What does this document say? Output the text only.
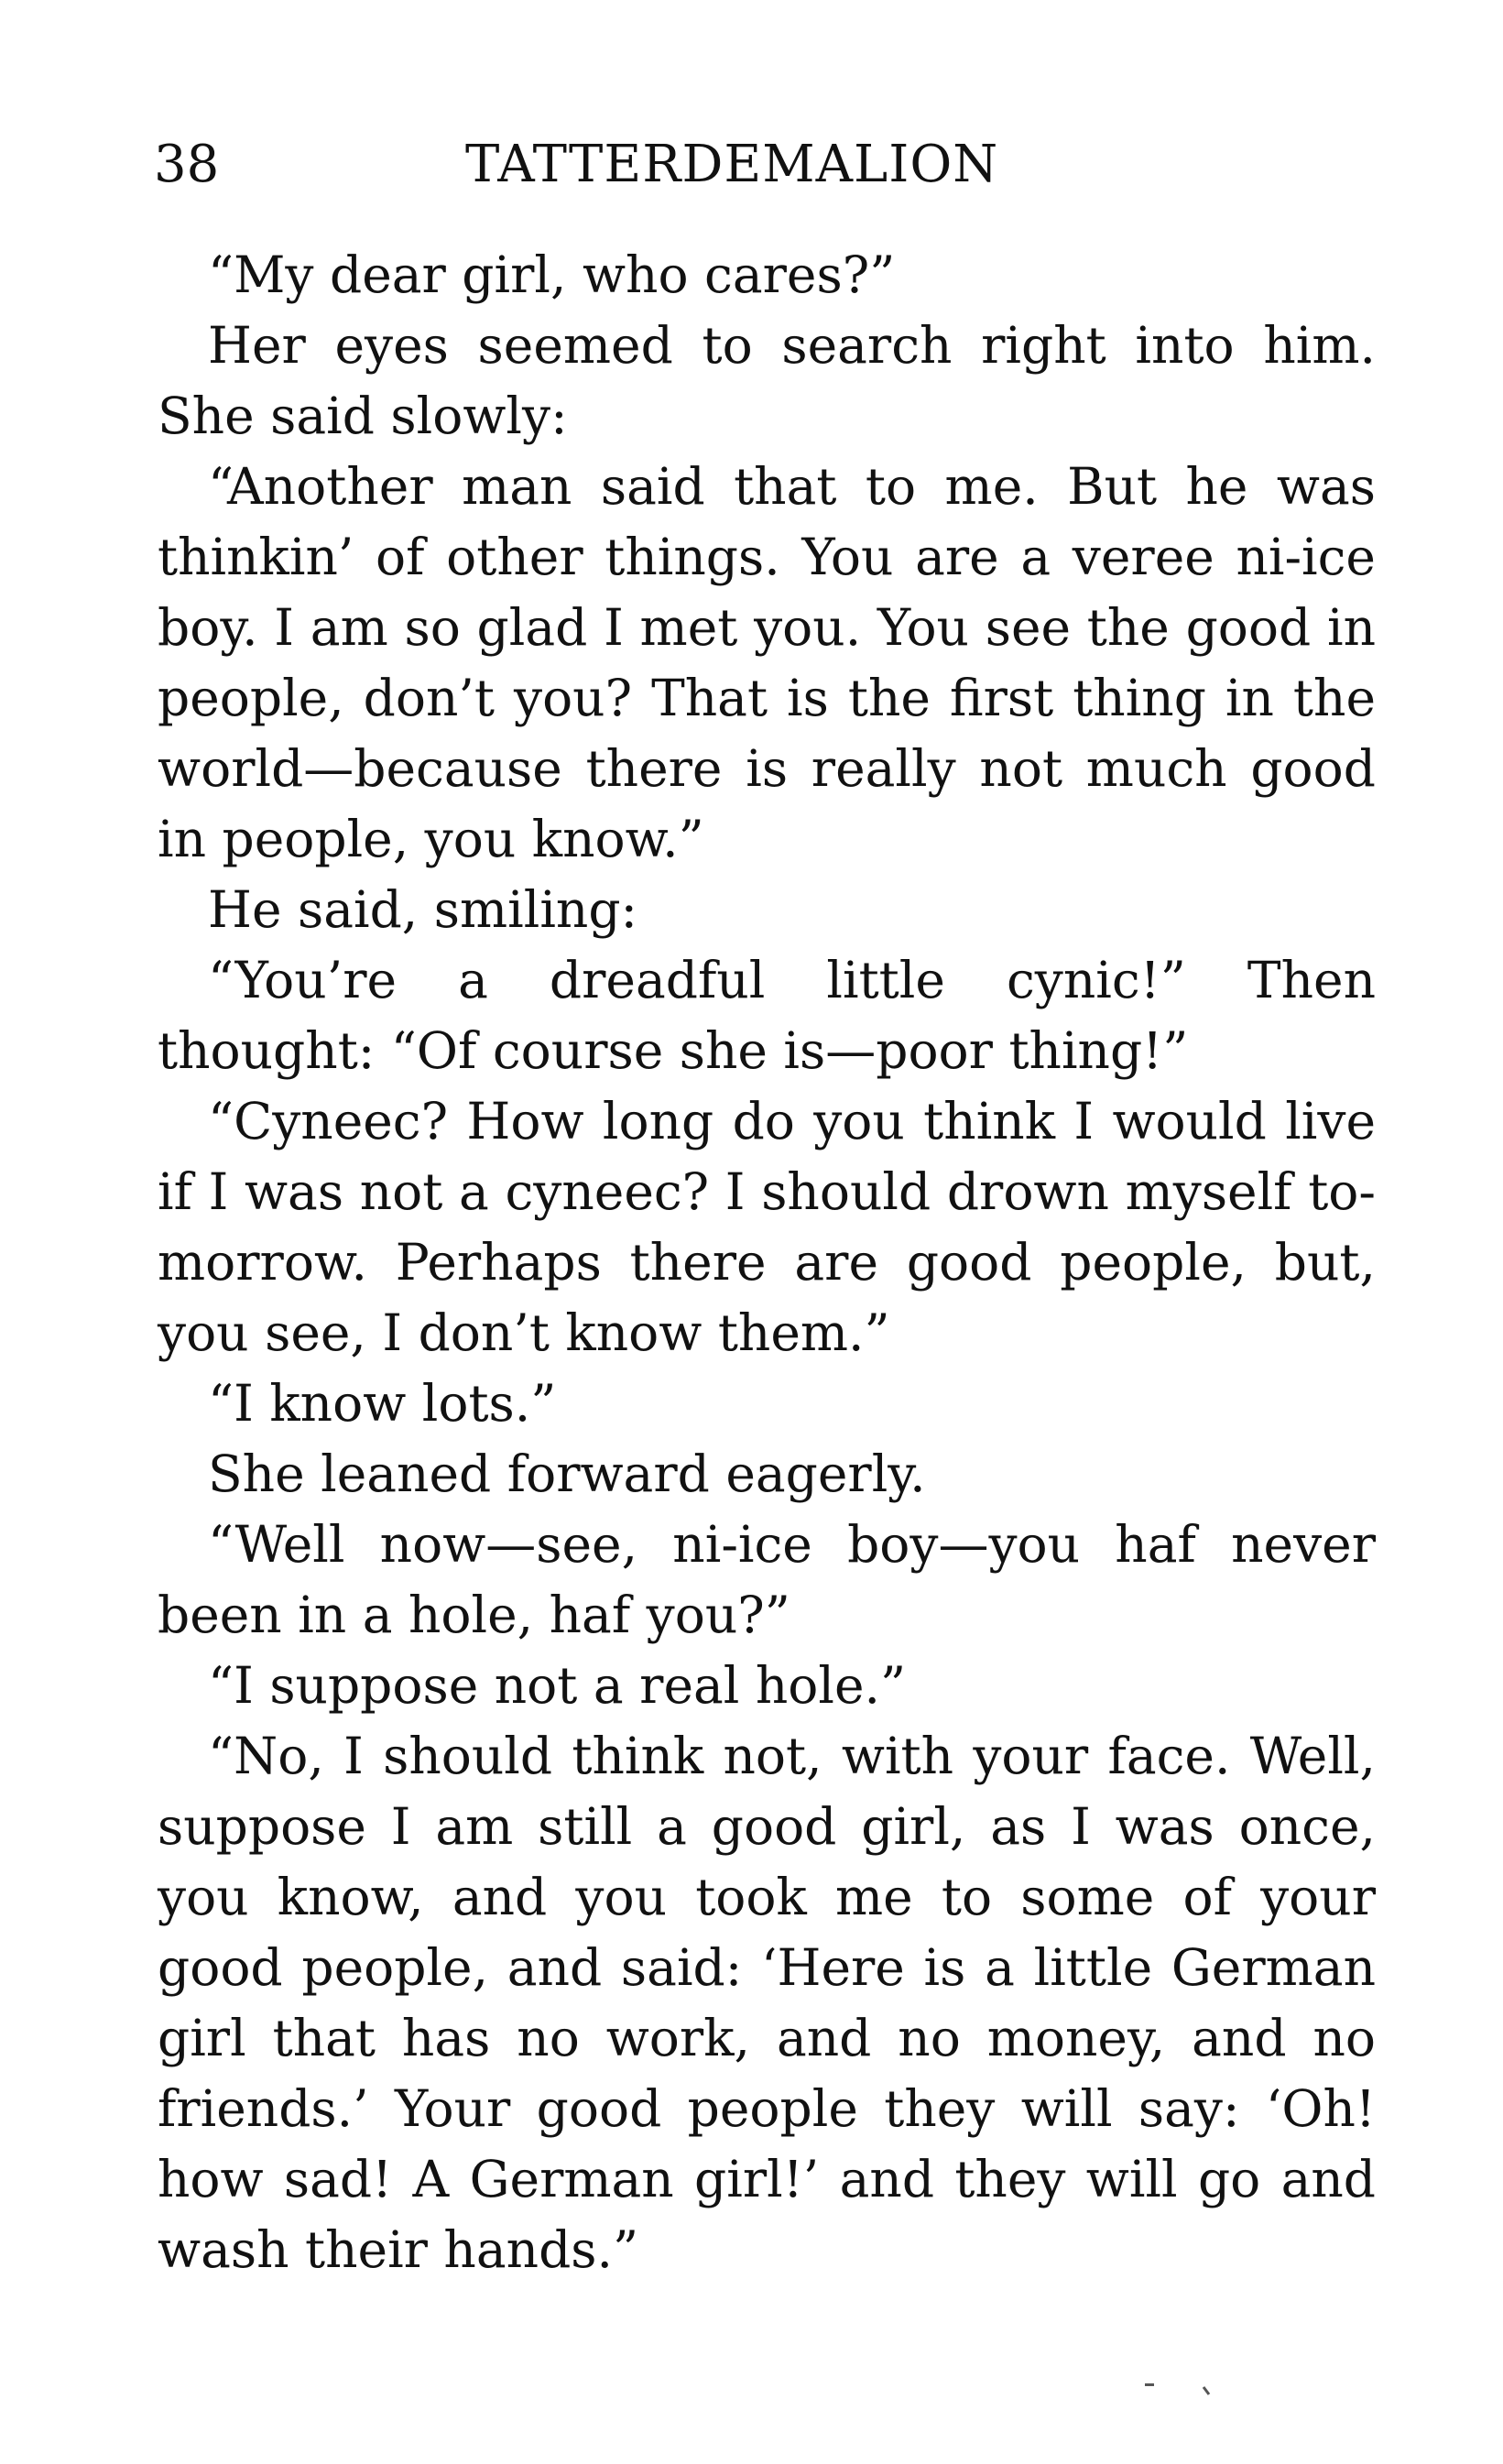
38	TATTERDEMALION

“My dear girl, who cares?”

Her eyes seemed to search right into him. She said slowly:

“Another man said that to me. But he was thinkin’ of other things. You are a veree ni-ice boy. I am so glad I met you. You see the good in people, don’t you? That is the first thing in the world—because there is really not much good in people, you know.”

He said, smiling:

“You’re a dreadful little cynic!” Then thought: “Of course she is—poor thing!”

“Cyneec? How long do you think I would live if I was not a cyneec? I should drown myself to-morrow. Perhaps there are good people, but, you see, I don’t know them.”

“I know lots.”

She leaned forward eagerly.

“Well now—see, ni-ice boy—you haf never been in a hole, haf you?”

“I suppose not a real hole.”

“No, I should think not, with your face. Well, suppose I am still a good girl, as I was once, you know, and you took me to some of your good people, and said: ‘Here is a little German girl that has no work, and no money, and no friends.’ Your good people they will say: ‘Oh! how sad! A German girl!’ and they will go and wash their hands.”
